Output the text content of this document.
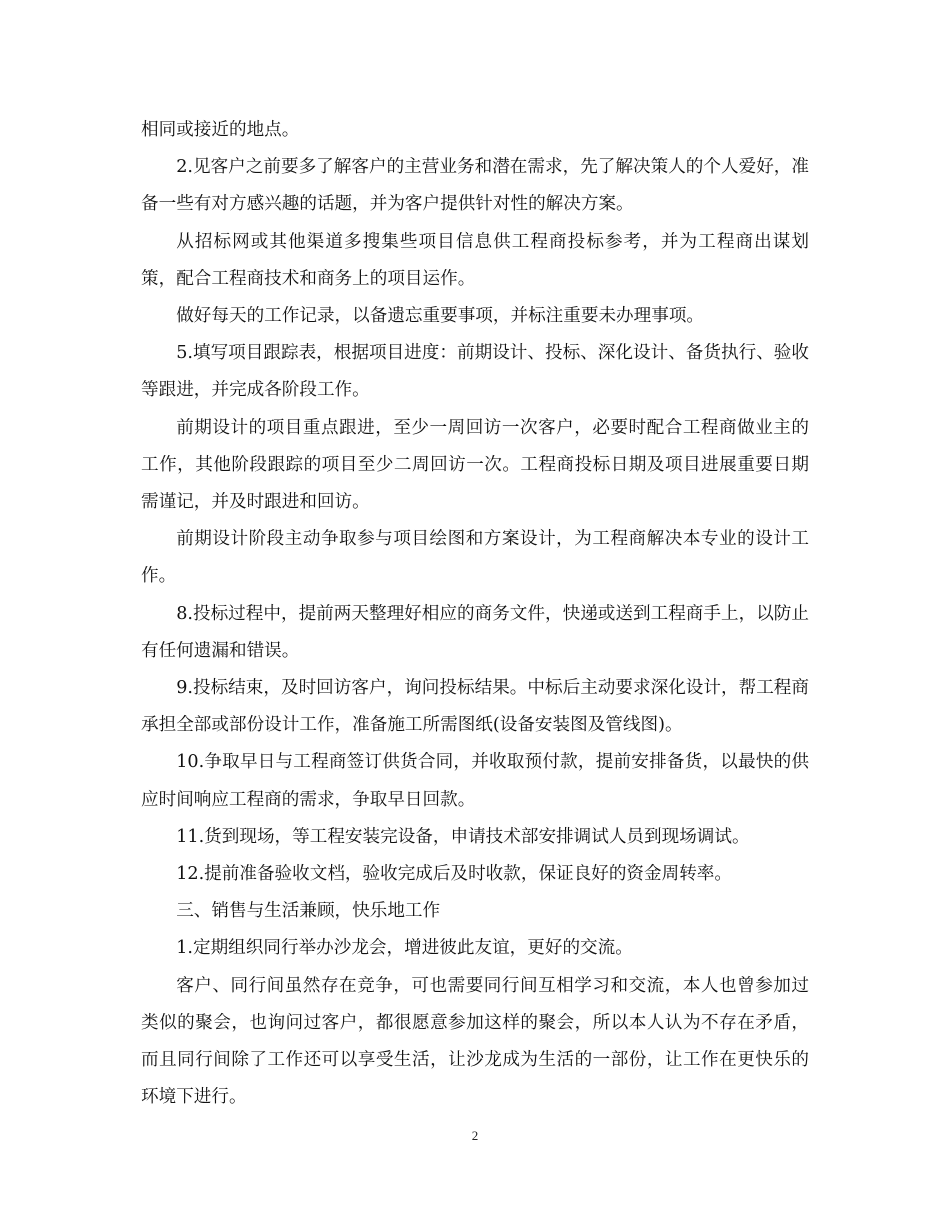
相同或接近的地点。

2.见客户之前要多了解客户的主营业务和潜在需求，先了解决策人的个人爱好，准备一些有对方感兴趣的话题，并为客户提供针对性的解决方案。

从招标网或其他渠道多搜集些项目信息供工程商投标参考，并为工程商出谋划策，配合工程商技术和商务上的项目运作。

做好每天的工作记录，以备遗忘重要事项，并标注重要未办理事项。

5.填写项目跟踪表，根据项目进度：前期设计、投标、深化设计、备货执行、验收等跟进，并完成各阶段工作。

前期设计的项目重点跟进，至少一周回访一次客户，必要时配合工程商做业主的工作，其他阶段跟踪的项目至少二周回访一次。工程商投标日期及项目进展重要日期需谨记，并及时跟进和回访。

前期设计阶段主动争取参与项目绘图和方案设计，为工程商解决本专业的设计工作。

8.投标过程中，提前两天整理好相应的商务文件，快递或送到工程商手上，以防止有任何遗漏和错误。

9.投标结束，及时回访客户，询问投标结果。中标后主动要求深化设计，帮工程商承担全部或部份设计工作，准备施工所需图纸(设备安装图及管线图)。

10.争取早日与工程商签订供货合同，并收取预付款，提前安排备货，以最快的供应时间响应工程商的需求，争取早日回款。

11.货到现场，等工程安装完设备，申请技术部安排调试人员到现场调试。

12.提前准备验收文档，验收完成后及时收款，保证良好的资金周转率。

三、销售与生活兼顾，快乐地工作

1.定期组织同行举办沙龙会，增进彼此友谊，更好的交流。

客户、同行间虽然存在竞争，可也需要同行间互相学习和交流，本人也曾参加过类似的聚会，也询问过客户，都很愿意参加这样的聚会，所以本人认为不存在矛盾，而且同行间除了工作还可以享受生活，让沙龙成为生活的一部份，让工作在更快乐的环境下进行。

2
